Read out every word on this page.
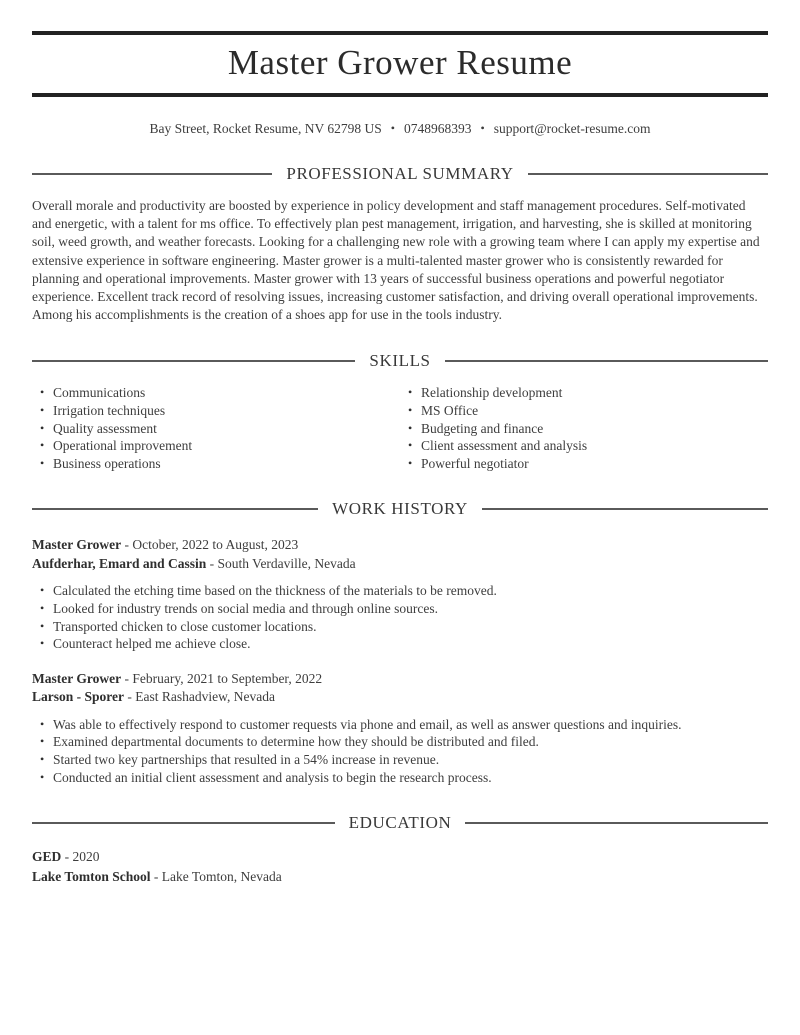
Master Grower Resume
Bay Street, Rocket Resume, NV 62798 US • 0748968393 • support@rocket-resume.com
PROFESSIONAL SUMMARY

Overall morale and productivity are boosted by experience in policy development and staff management procedures. Self-motivated and energetic, with a talent for ms office. To effectively plan pest management, irrigation, and harvesting, she is skilled at monitoring soil, weed growth, and weather forecasts. Looking for a challenging new role with a growing team where I can apply my expertise and extensive experience in software engineering. Master grower is a multi-talented master grower who is consistently rewarded for planning and operational improvements. Master grower with 13 years of successful business operations and powerful negotiator experience. Excellent track record of resolving issues, increasing customer satisfaction, and driving overall operational improvements. Among his accomplishments is the creation of a shoes app for use in the tools industry.

SKILLS
• Communications
• Irrigation techniques
• Quality assessment
• Operational improvement
• Business operations
• Relationship development
• MS Office
• Budgeting and finance
• Client assessment and analysis
• Powerful negotiator
WORK HISTORY
Master Grower - October, 2022 to August, 2023
Aufderhar, Emard and Cassin - South Verdaville, Nevada
• Calculated the etching time based on the thickness of the materials to be removed.
• Looked for industry trends on social media and through online sources.
• Transported chicken to close customer locations.
• Counteract helped me achieve close.
Master Grower - February, 2021 to September, 2022
Larson - Sporer - East Rashadview, Nevada
• Was able to effectively respond to customer requests via phone and email, as well as answer questions and inquiries.
• Examined departmental documents to determine how they should be distributed and filed.
• Started two key partnerships that resulted in a 54% increase in revenue.
• Conducted an initial client assessment and analysis to begin the research process.
EDUCATION
GED - 2020
Lake Tomton School - Lake Tomton, Nevada
